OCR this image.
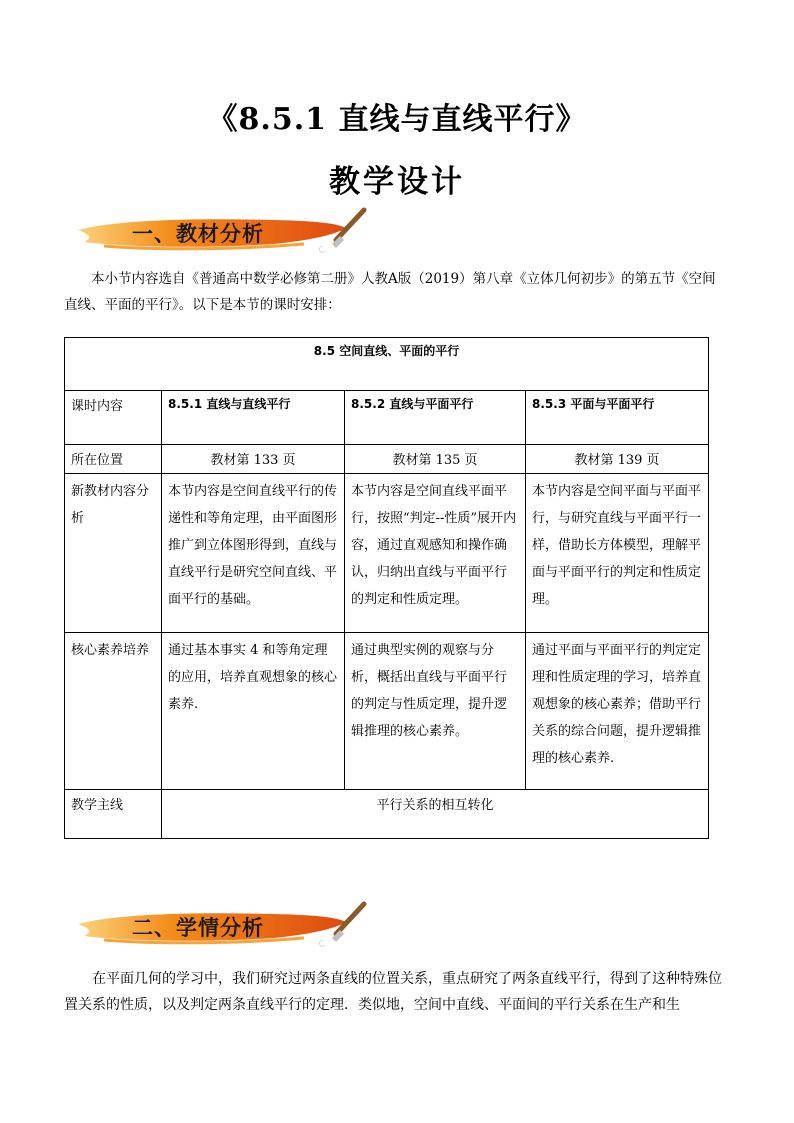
《8.5.1 直线与直线平行》
教学设计
c
一、教材分析
本小节内容选自《普通高中数学必修第二册》人教A版（2019）第八章《立体几何初步》的第五节《空间直线、平面的平行》。以下是本节的课时安排：
8.5 空间直线、平面的平行			
课时内容	8.5.1 直线与直线平行	8.5.2 直线与平面平行	8.5.3 平面与平面平行
所在位置	教材第 133 页	教材第 135 页	教材第 139 页
新教材内容分析	本节内容是空间直线平行的传递性和等角定理，由平面图形推广到立体图形得到，直线与直线平行是研究空间直线、平面平行的基础。	本节内容是空间直线平面平行，按照“判定--性质”展开内容，通过直观感知和操作确认，归纳出直线与平面平行的判定和性质定理。	本节内容是空间平面与平面平行，与研究直线与平面平行一样，借助长方体模型，理解平面与平面平行的判定和性质定理。
核心素养培养	通过基本事实 4 和等角定理的应用，培养直观想象的核心素养.	通过典型实例的观察与分析，概括出直线与平面平行的判定与性质定理，提升逻辑推理的核心素养。	通过平面与平面平行的判定定理和性质定理的学习，培养直观想象的核心素养；借助平行关系的综合问题，提升逻辑推理的核心素养.
教学主线	平行关系的相互转化		
c
二、学情分析
在平面几何的学习中，我们研究过两条直线的位置关系，重点研究了两条直线平行，得到了这种特殊位置关系的性质，以及判定两条直线平行的定理．类似地，空间中直线、平面间的平行关系在生产和生
